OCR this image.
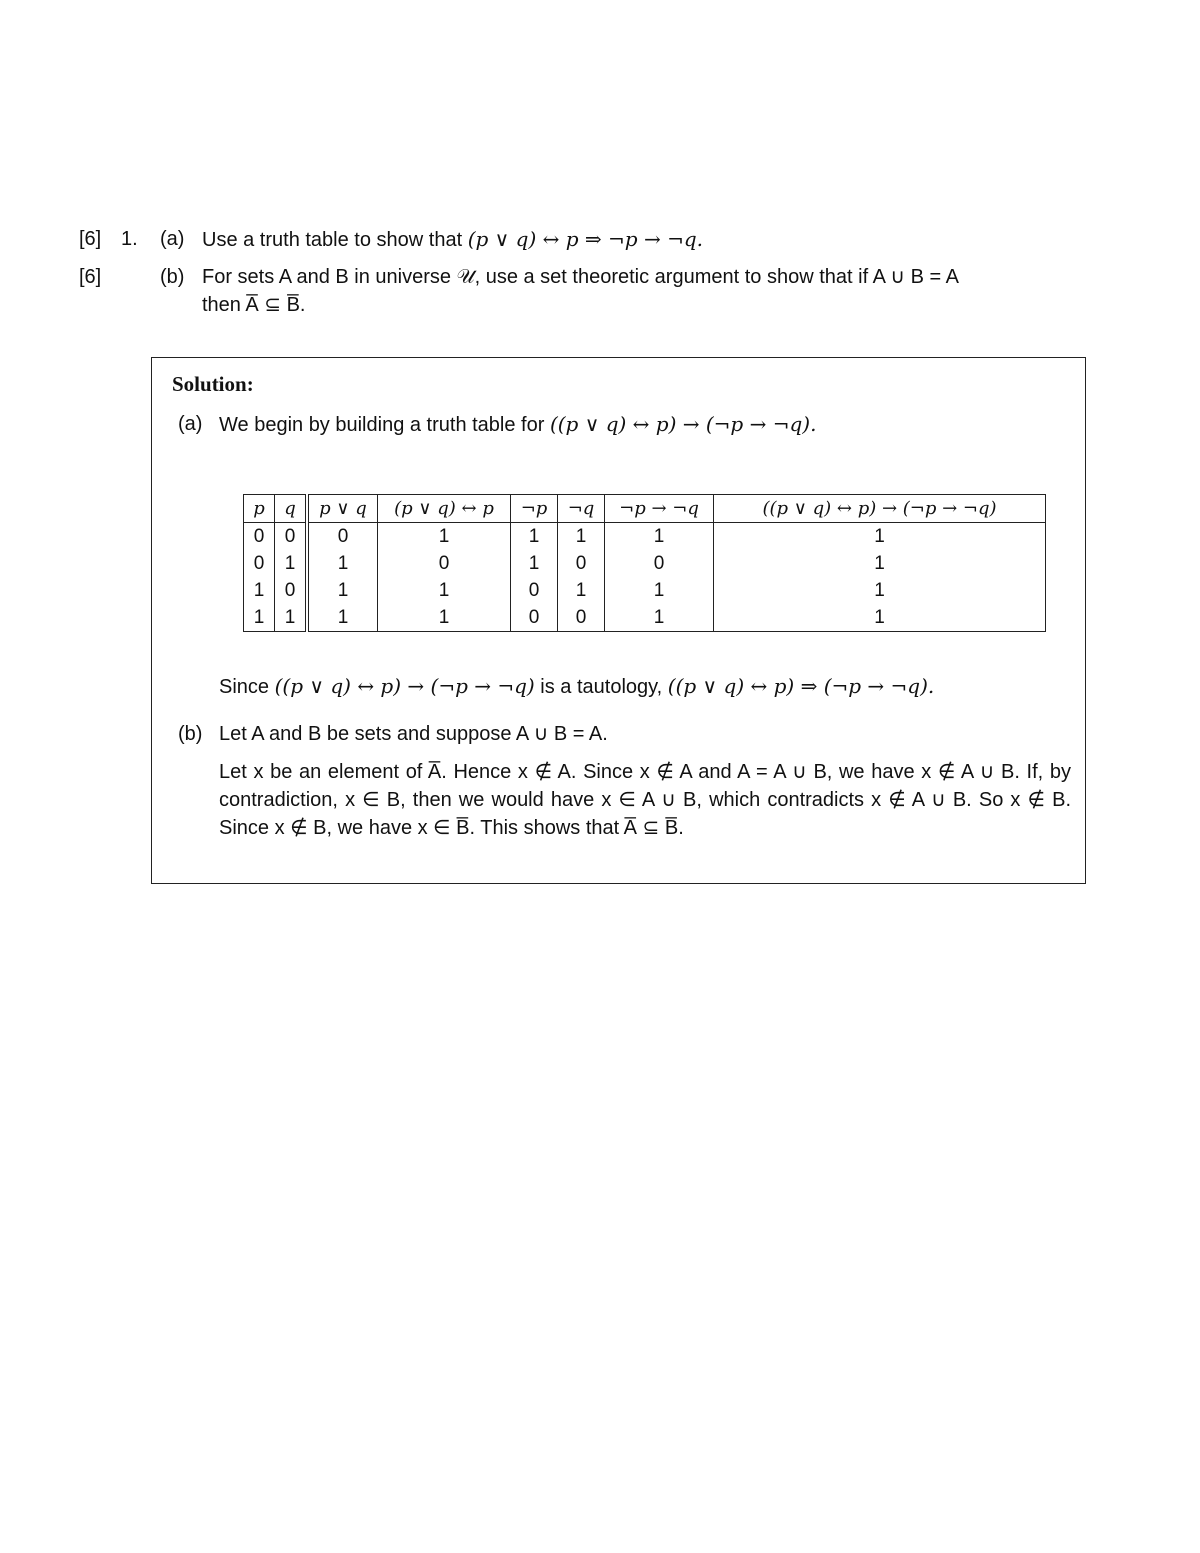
[6] 1. (a) Use a truth table to show that (p ∨ q) ↔ p ⇒ ¬p → ¬q.
[6]	(b) For sets A and B in universe 𝒰, use a set theoretic argument to show that if A ∪ B = A
then A̅ ⊆ B̅.
Solution:
(a) We begin by building a truth table for ((p ∨ q) ↔ p) → (¬p → ¬q).
p	q	p ∨ q	(p ∨ q) ↔ p	¬p	¬q	¬p → ¬q	((p ∨ q) ↔ p) → (¬p → ¬q)
0	0	0	1	1	1	1	1
0	1	1	0	1	0	0	1
1	0	1	1	0	1	1	1
1	1	1	1	0	0	1	1
Since ((p ∨ q) ↔ p) → (¬p → ¬q) is a tautology, ((p ∨ q) ↔ p) ⇒ (¬p → ¬q).
(b) Let A and B be sets and suppose A ∪ B = A.
Let x be an element of A̅. Hence x ∉ A. Since x ∉ A and A = A ∪ B, we have x ∉ A ∪ B. If, by contradiction, x ∈ B, then we would have x ∈ A ∪ B, which contradicts x ∉ A ∪ B. So x ∉ B. Since x ∉ B, we have x ∈ B̅. This shows that A̅ ⊆ B̅.
